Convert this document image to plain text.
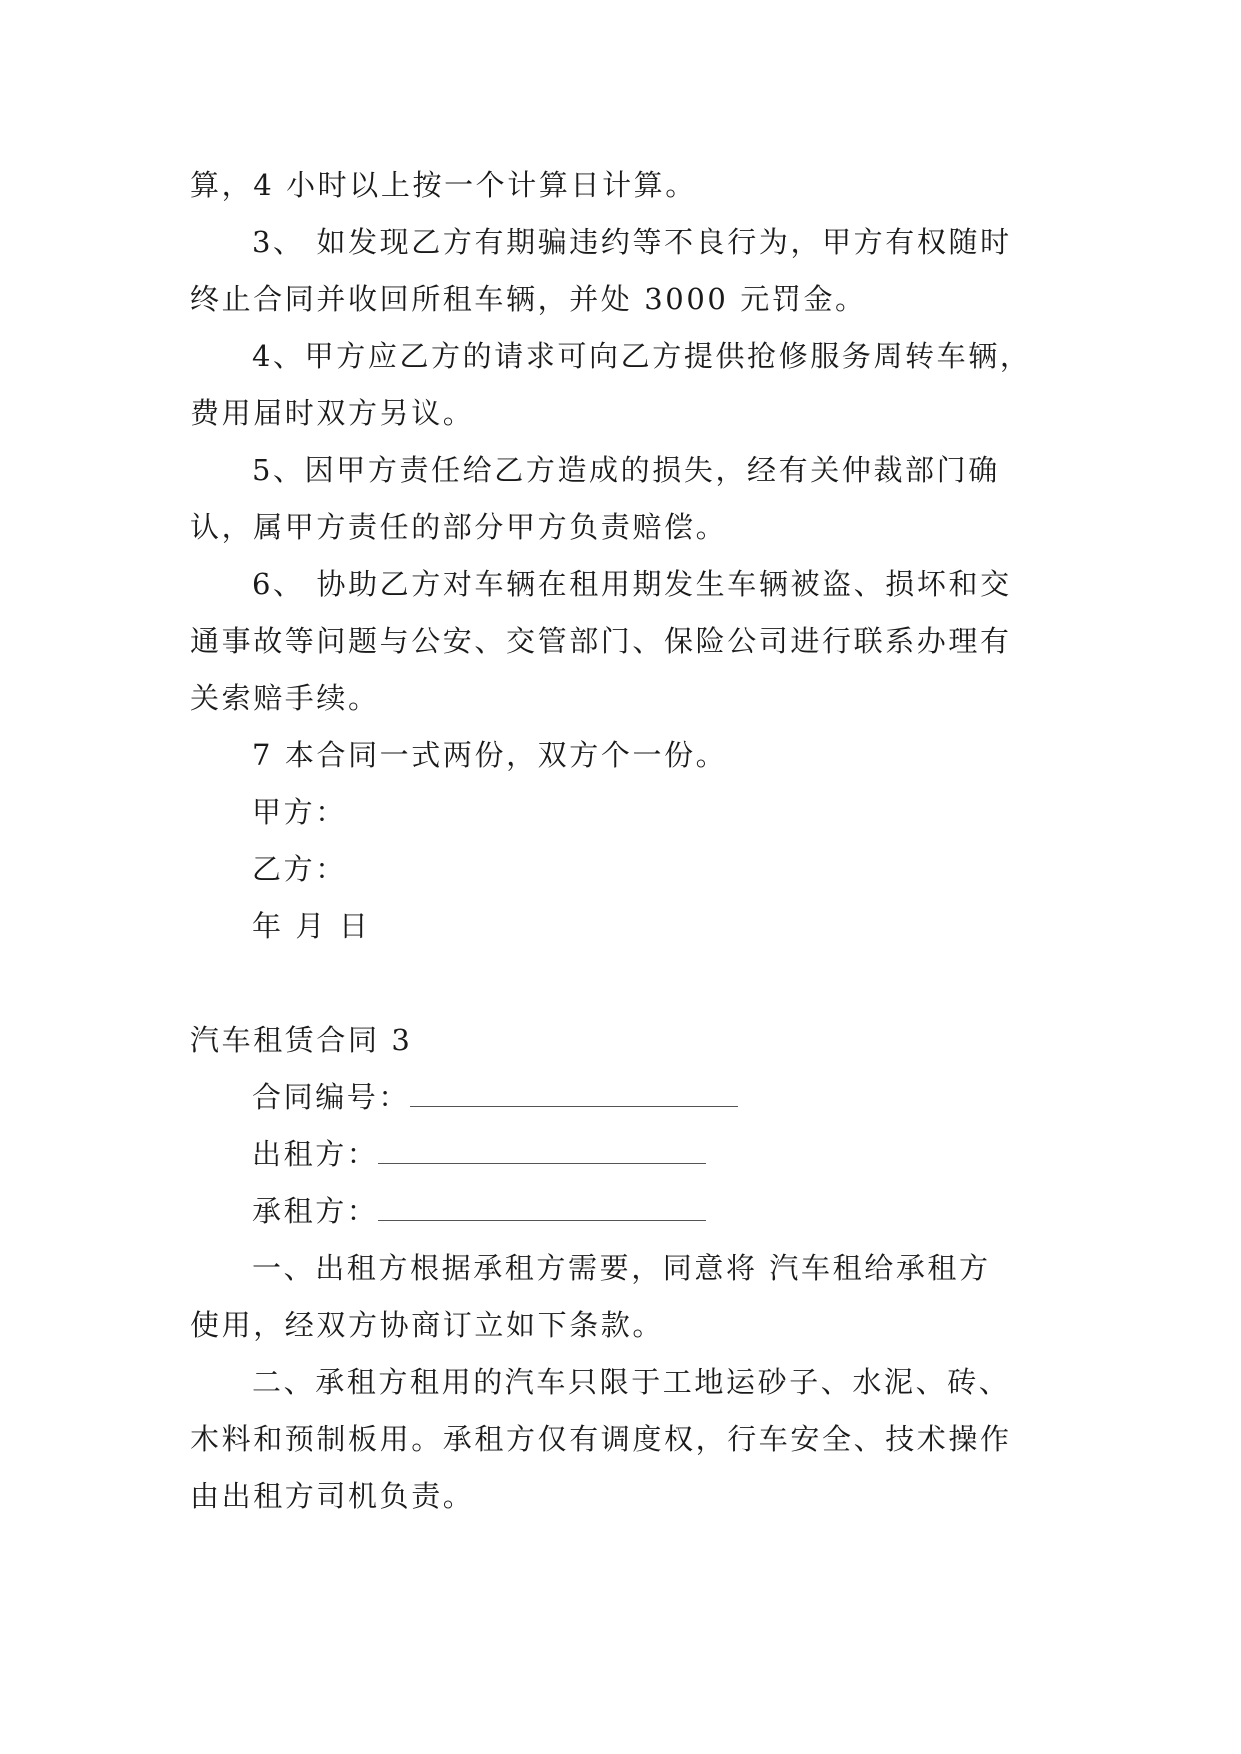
算，4 小时以上按一个计算日计算。
3、 如发现乙方有期骗违约等不良行为，甲方有权随时
终止合同并收回所租车辆，并处 3000 元罚金。
4、甲方应乙方的请求可向乙方提供抢修服务周转车辆，
费用届时双方另议。
5、因甲方责任给乙方造成的损失，经有关仲裁部门确
认，属甲方责任的部分甲方负责赔偿。
6、 协助乙方对车辆在租用期发生车辆被盗、损坏和交
通事故等问题与公安、交管部门、保险公司进行联系办理有
关索赔手续。
7 本合同一式两份，双方个一份。
甲方：
乙方：
年 月 日
汽车租赁合同 3
合同编号：
出租方：
承租方：
一、出租方根据承租方需要，同意将 汽车租给承租方
使用，经双方协商订立如下条款。
二、承租方租用的汽车只限于工地运砂子、水泥、砖、
木料和预制板用。承租方仅有调度权，行车安全、技术操作
由出租方司机负责。
